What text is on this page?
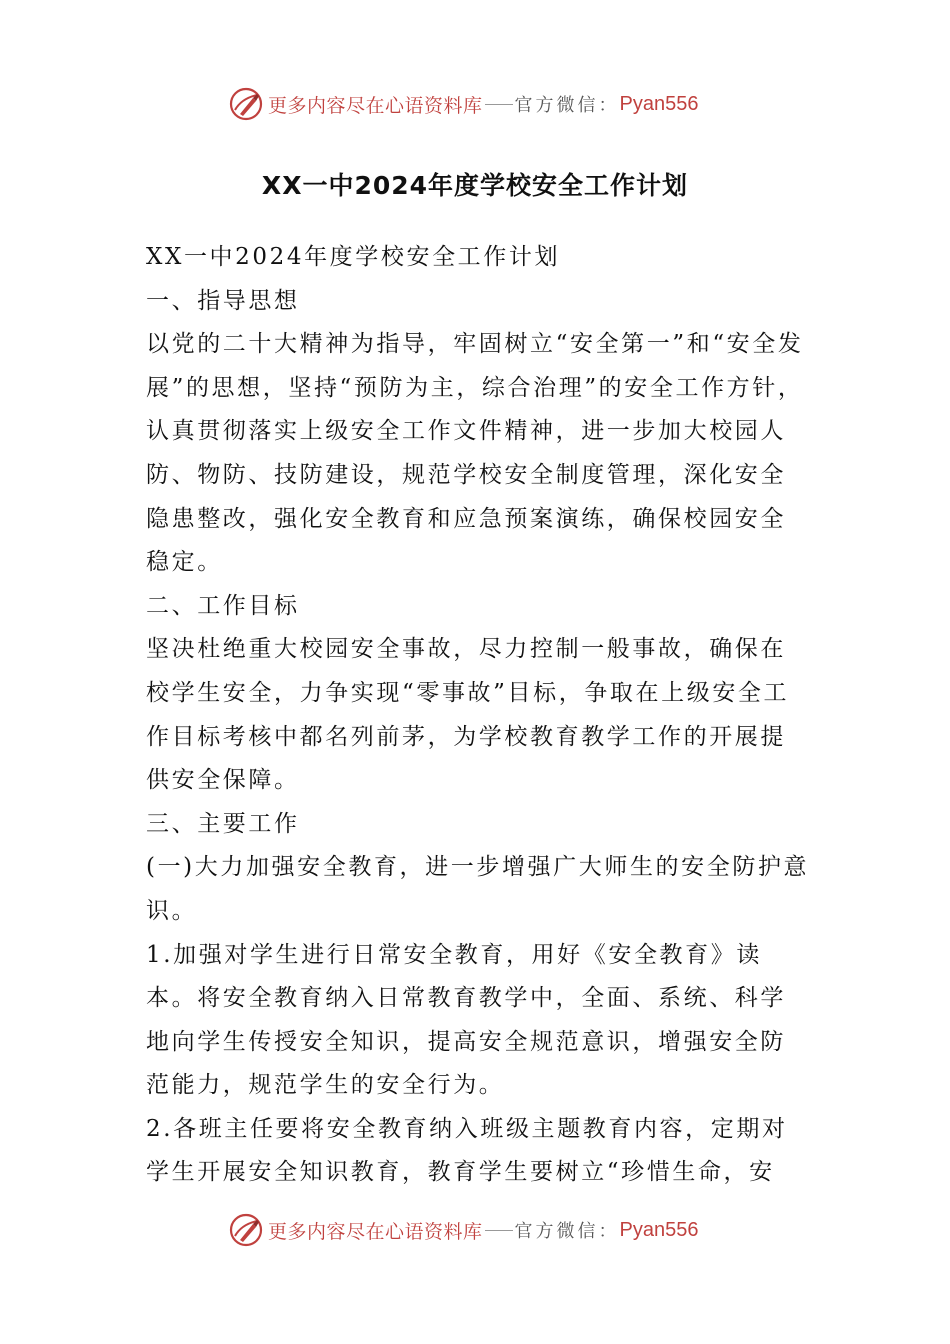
更多内容尽在心语资料库 官方微信： Pyan556
XX一中2024年度学校安全工作计划

XX一中2024年度学校安全工作计划

一、指导思想

以党的二十大精神为指导，牢固树立“安全第一”和“安全发展”的思想，坚持“预防为主，综合治理”的安全工作方针，认真贯彻落实上级安全工作文件精神，进一步加大校园人防、物防、技防建设，规范学校安全制度管理，深化安全隐患整改，强化安全教育和应急预案演练，确保校园安全稳定。

二、工作目标

坚决杜绝重大校园安全事故，尽力控制一般事故，确保在校学生安全，力争实现“零事故”目标，争取在上级安全工作目标考核中都名列前茅，为学校教育教学工作的开展提供安全保障。

三、主要工作

(一)大力加强安全教育，进一步增强广大师生的安全防护意识。

1.加强对学生进行日常安全教育，用好《安全教育》读本。将安全教育纳入日常教育教学中，全面、系统、科学地向学生传授安全知识，提高安全规范意识，增强安全防范能力，规范学生的安全行为。

2.各班主任要将安全教育纳入班级主题教育内容，定期对学生开展安全知识教育，教育学生要树立“珍惜生命，安

更多内容尽在心语资料库 官方微信： Pyan556
